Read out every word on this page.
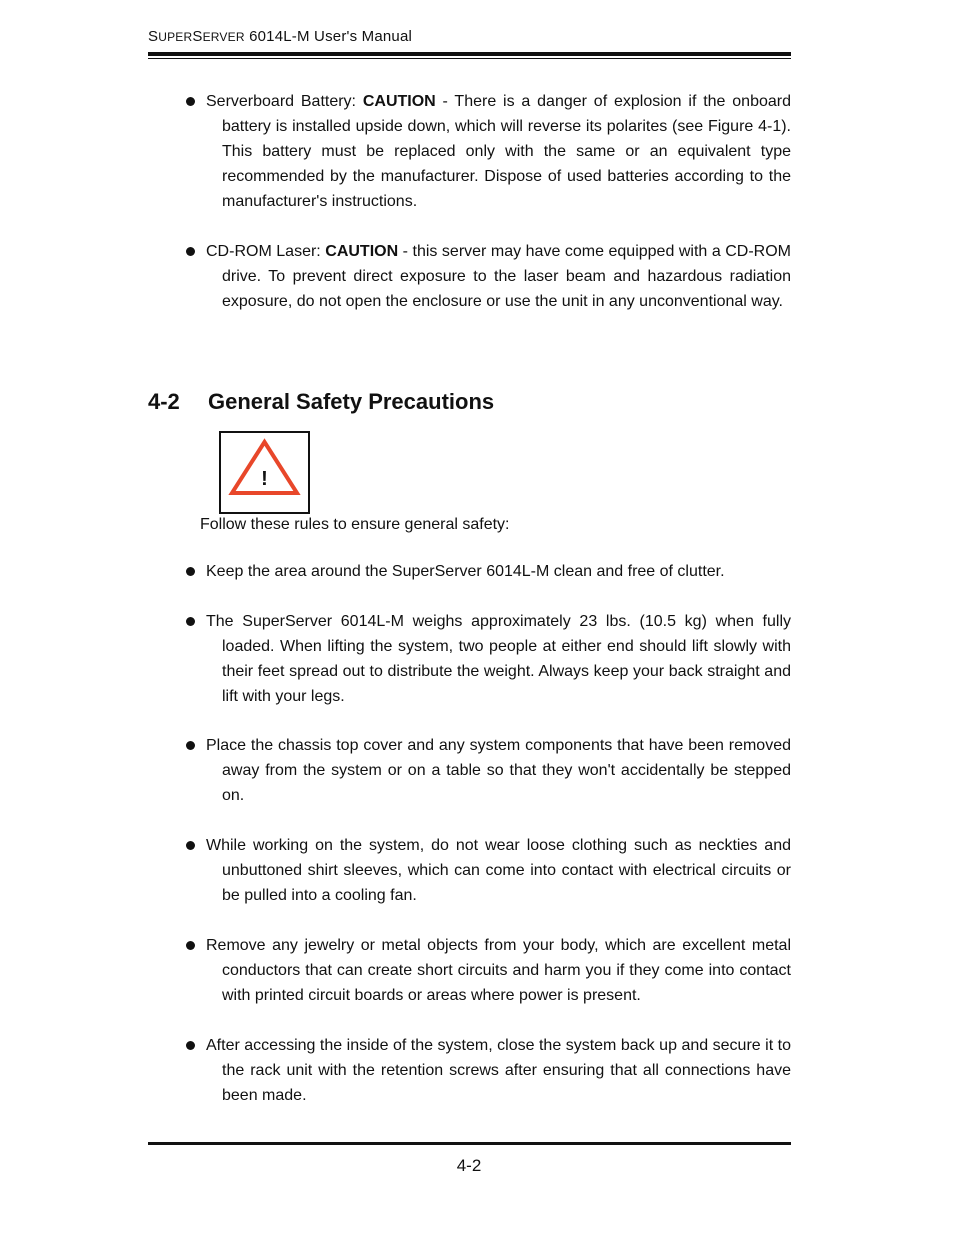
SUPERSERVER 6014L-M User's Manual
Serverboard Battery: CAUTION - There is a danger of explosion if the onboard battery is installed upside down, which will reverse its polarites (see Figure 4-1). This battery must be replaced only with the same or an equivalent type recommended by the manufacturer. Dispose of used batteries according to the manufacturer's instructions.
CD-ROM Laser: CAUTION - this server may have come equipped with a CD-ROM drive. To prevent direct exposure to the laser beam and hazardous radiation exposure, do not open the enclosure or use the unit in any unconventional way.
4-2 General Safety Precautions
!
Follow these rules to ensure general safety:
Keep the area around the SuperServer 6014L-M clean and free of clutter.
The SuperServer 6014L-M weighs approximately 23 lbs. (10.5 kg) when fully loaded. When lifting the system, two people at either end should lift slowly with their feet spread out to distribute the weight. Always keep your back straight and lift with your legs.
Place the chassis top cover and any system components that have been removed away from the system or on a table so that they won't accidentally be stepped on.
While working on the system, do not wear loose clothing such as neckties and unbuttoned shirt sleeves, which can come into contact with electrical circuits or be pulled into a cooling fan.
Remove any jewelry or metal objects from your body, which are excellent metal conductors that can create short circuits and harm you if they come into contact with printed circuit boards or areas where power is present.
After accessing the inside of the system, close the system back up and secure it to the rack unit with the retention screws after ensuring that all connections have been made.
4-2
